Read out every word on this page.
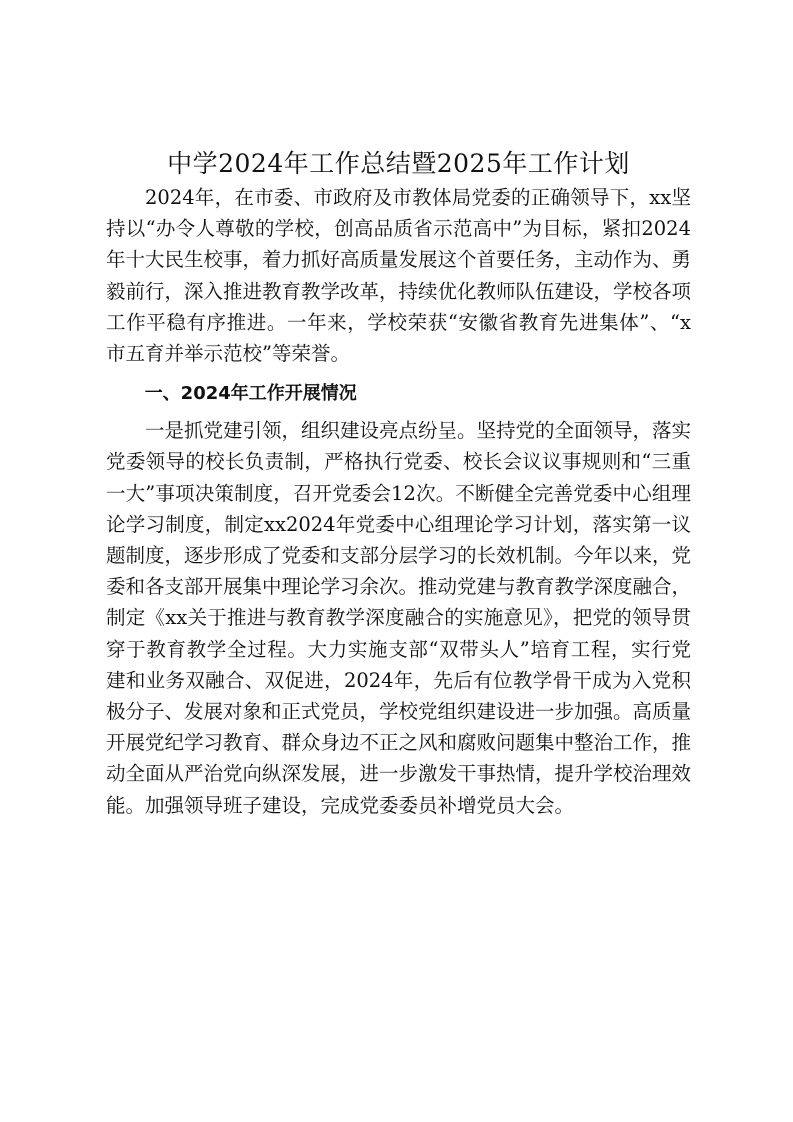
中学2024年工作总结暨2025年工作计划

2024年，在市委、市政府及市教体局党委的正确领导下，xx坚持以“办令人尊敬的学校，创高品质省示范高中”为目标，紧扣2024年十大民生校事，着力抓好高质量发展这个首要任务，主动作为、勇毅前行，深入推进教育教学改革，持续优化教师队伍建设，学校各项工作平稳有序推进。一年来，学校荣获“安徽省教育先进集体”、“x市五育并举示范校”等荣誉。

一、2024年工作开展情况

一是抓党建引领，组织建设亮点纷呈。坚持党的全面领导，落实党委领导的校长负责制，严格执行党委、校长会议议事规则和“三重一大”事项决策制度，召开党委会12次。不断健全完善党委中心组理论学习制度，制定xx2024年党委中心组理论学习计划，落实第一议题制度，逐步形成了党委和支部分层学习的长效机制。今年以来，党委和各支部开展集中理论学习余次。推动党建与教育教学深度融合，制定《xx关于推进与教育教学深度融合的实施意见》，把党的领导贯穿于教育教学全过程。大力实施支部“双带头人”培育工程，实行党建和业务双融合、双促进，2024年，先后有位教学骨干成为入党积极分子、发展对象和正式党员，学校党组织建设进一步加强。高质量开展党纪学习教育、群众身边不正之风和腐败问题集中整治工作，推动全面从严治党向纵深发展，进一步激发干事热情，提升学校治理效能。加强领导班子建设，完成党委委员补增党员大会。
